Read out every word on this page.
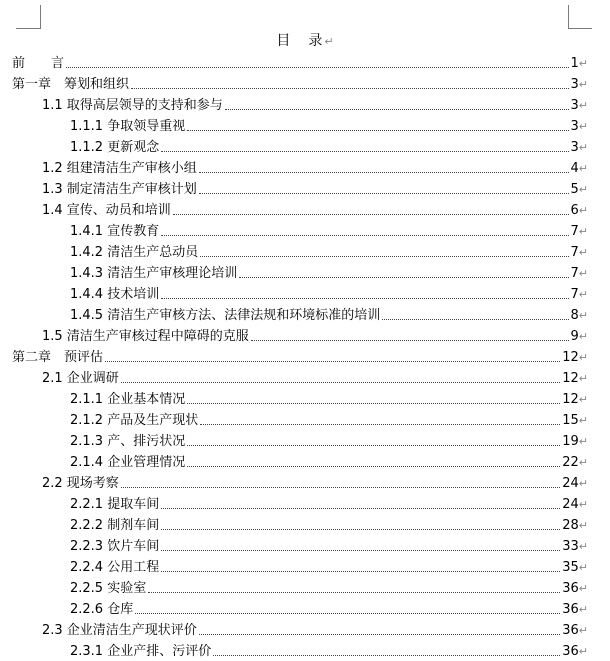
目　录↵
前　　言	1 ↵
第一章　筹划和组织	3 ↵
1.1 取得高层领导的支持和参与	3 ↵
1.1.1 争取领导重视	3 ↵
1.1.2 更新观念	3 ↵
1.2 组建清洁生产审核小组	4 ↵
1.3 制定清洁生产审核计划	5 ↵
1.4 宣传、动员和培训	6 ↵
1.4.1 宣传教育	7 ↵
1.4.2 清洁生产总动员	7 ↵
1.4.3 清洁生产审核理论培训	7 ↵
1.4.4 技术培训	7 ↵
1.4.5 清洁生产审核方法、法律法规和环境标准的培训	8 ↵
1.5 清洁生产审核过程中障碍的克服	9 ↵
第二章　预评估	12 ↵
2.1 企业调研	12 ↵
2.1.1 企业基本情况	12 ↵
2.1.2 产品及生产现状	15 ↵
2.1.3 产、排污状况	19 ↵
2.1.4 企业管理情况	22 ↵
2.2 现场考察	24 ↵
2.2.1 提取车间	24 ↵
2.2.2 制剂车间	28 ↵
2.2.3 饮片车间	33 ↵
2.2.4 公用工程	35 ↵
2.2.5 实验室	36 ↵
2.2.6 仓库	36 ↵
2.3 企业清洁生产现状评价	36 ↵
2.3.1 企业产排、污评价	36 ↵
